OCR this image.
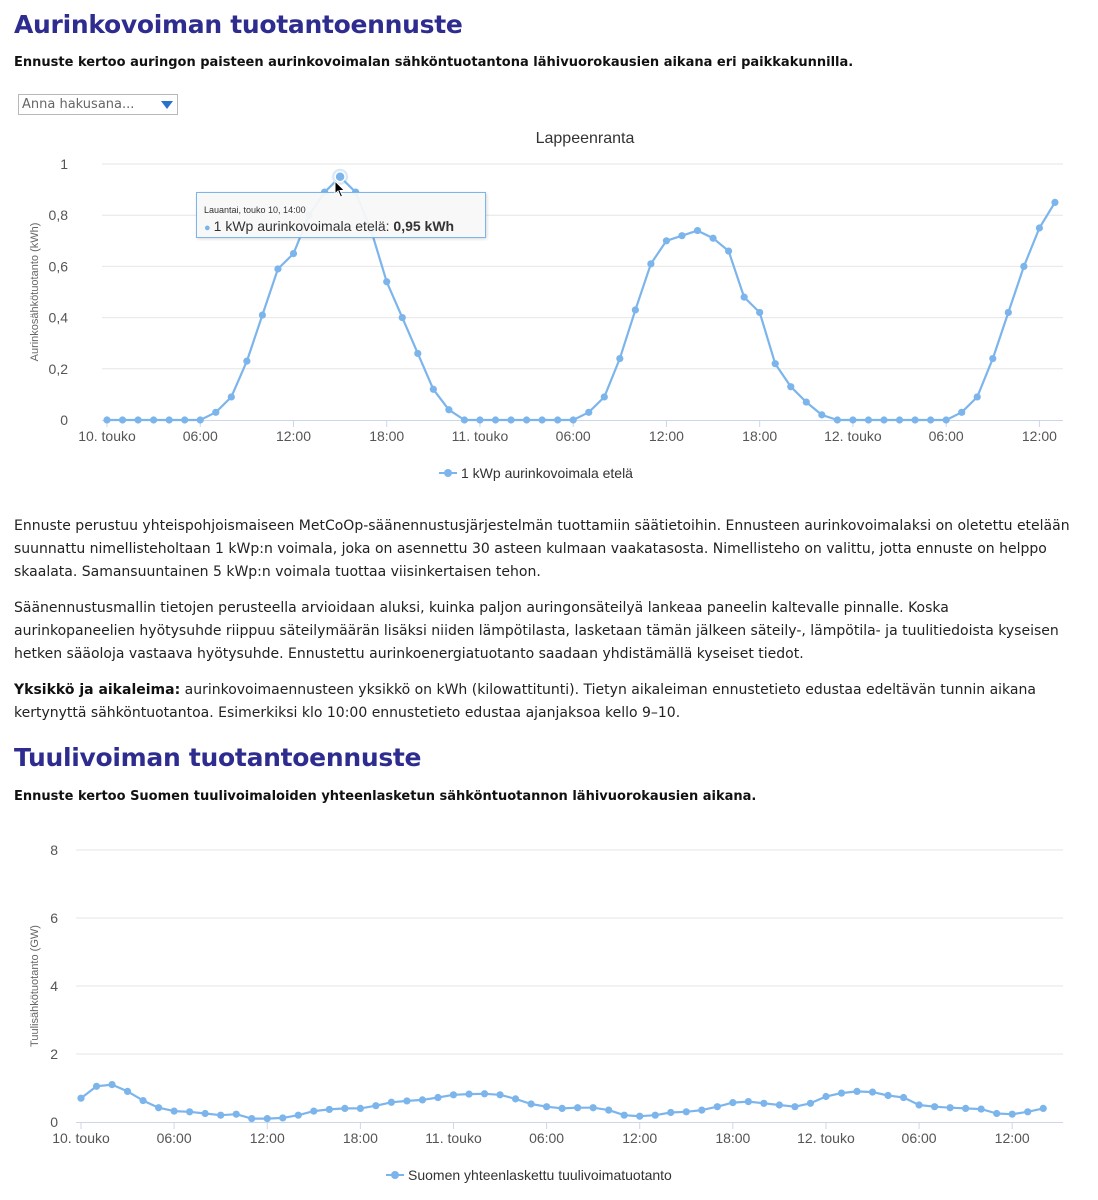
Aurinkovoiman tuotantoennuste

Ennuste kertoo auringon paisteen aurinkovoimalan sähköntuotantona lähivuorokausien aikana eri paikkakunnilla.

Anna hakusana...
Lappeenranta
0
0,2
0,4
0,6
0,8
1
Aurinkosähkötuotanto (kWh)
10. touko	06:00	12:00	18:00	11. touko	06:00	12:00	18:00	12. touko	06:00	12:00
1 kWp aurinkovoimala etelä
Lauantai, touko 10, 14:00
● 1 kWp aurinkovoimala etelä: 0,95 kWh

Ennuste perustuu yhteispohjoismaiseen MetCoOp-säänennustusjärjestelmän tuottamiin säätietoihin. Ennusteen aurinkovoimalaksi on oletettu etelään suunnattu nimellisteholtaan 1 kWp:n voimala, joka on asennettu 30 asteen kulmaan vaakatasosta. Nimellisteho on valittu, jotta ennuste on helppo skaalata. Samansuuntainen 5 kWp:n voimala tuottaa viisinkertaisen tehon.

Säänennustusmallin tietojen perusteella arvioidaan aluksi, kuinka paljon auringonsäteilyä lankeaa paneelin kaltevalle pinnalle. Koska aurinkopaneelien hyötysuhde riippuu säteilymäärän lisäksi niiden lämpötilasta, lasketaan tämän jälkeen säteily-, lämpötila- ja tuulitiedoista kyseisen hetken sääoloja vastaava hyötysuhde. Ennustettu aurinkoenergiatuotanto saadaan yhdistämällä kyseiset tiedot.

Yksikkö ja aikaleima: aurinkovoimaennusteen yksikkö on kWh (kilowattitunti). Tietyn aikaleiman ennustetieto edustaa edeltävän tunnin aikana kertynyttä sähköntuotantoa. Esimerkiksi klo 10:00 ennustetieto edustaa ajanjaksoa kello 9–10.

Tuulivoiman tuotantoennuste

Ennuste kertoo Suomen tuulivoimaloiden yhteenlasketun sähköntuotannon lähivuorokausien aikana.

0
2
4
6
8
Tuulisähkötuotanto (GW)
10. touko	06:00	12:00	18:00	11. touko	06:00	12:00	18:00	12. touko	06:00	12:00
Suomen yhteenlaskettu tuulivoimatuotanto
